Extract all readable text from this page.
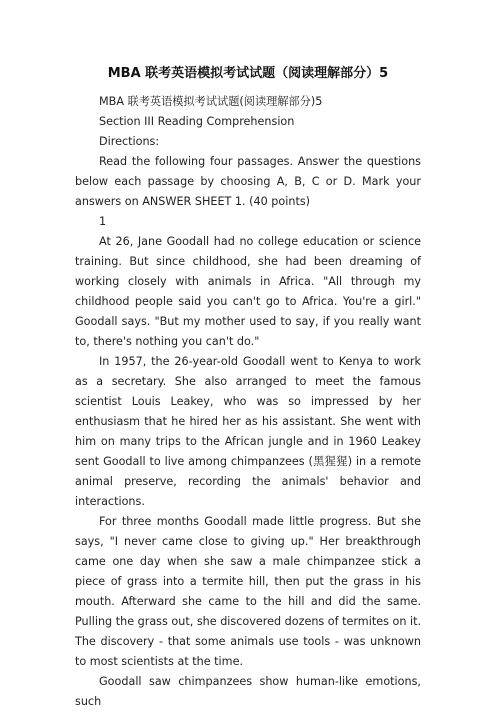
MBA 联考英语模拟考试试题（阅读理解部分）5

MBA 联考英语模拟考试试题(阅读理解部分)5

Section III Reading Comprehension

Directions:

Read the following four passages. Answer the questions below each passage by choosing A, B, C or D. Mark your answers on ANSWER SHEET 1. (40 points)

1

At 26, Jane Goodall had no college education or science training. But since childhood, she had been dreaming of working closely with animals in Africa. "All through my childhood people said you can't go to Africa. You're a girl." Goodall says. "But my mother used to say, if you really want to, there's nothing you can't do."

In 1957, the 26-year-old Goodall went to Kenya to work as a secretary. She also arranged to meet the famous scientist Louis Leakey, who was so impressed by her enthusiasm that he hired her as his assistant. She went with him on many trips to the African jungle and in 1960 Leakey sent Goodall to live among chimpanzees (黑猩猩) in a remote animal preserve, recording the animals' behavior and interactions.

For three months Goodall made little progress. But she says, "I never came close to giving up." Her breakthrough came one day when she saw a male chimpanzee stick a piece of grass into a termite hill, then put the grass in his mouth. Afterward she came to the hill and did the same. Pulling the grass out, she discovered dozens of termites on it. The discovery - that some animals use tools - was unknown to most scientists at the time.

Goodall saw chimpanzees show human-like emotions, such
